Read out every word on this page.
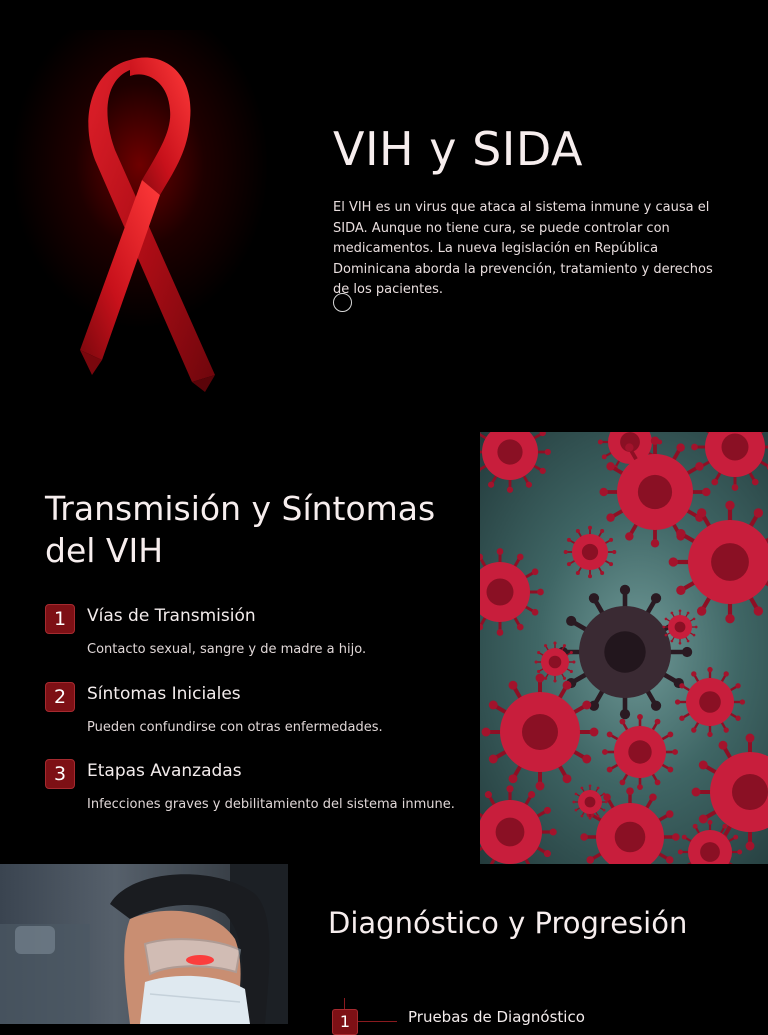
VIH y SIDA

El VIH es un virus que ataca al sistema inmune y causa el SIDA. Aunque no tiene cura, se puede controlar con medicamentos. La nueva legislación en República Dominicana aborda la prevención, tratamiento y derechos de los pacientes.

Transmisión y Síntomas del VIH
1	Vías de Transmisión
Contacto sexual, sangre y de madre a hijo.
2	Síntomas Iniciales
Pueden confundirse con otras enfermedades.
3	Etapas Avanzadas
Infecciones graves y debilitamiento del sistema inmune.
Diagnóstico y Progresión
1	Pruebas de Diagnóstico
